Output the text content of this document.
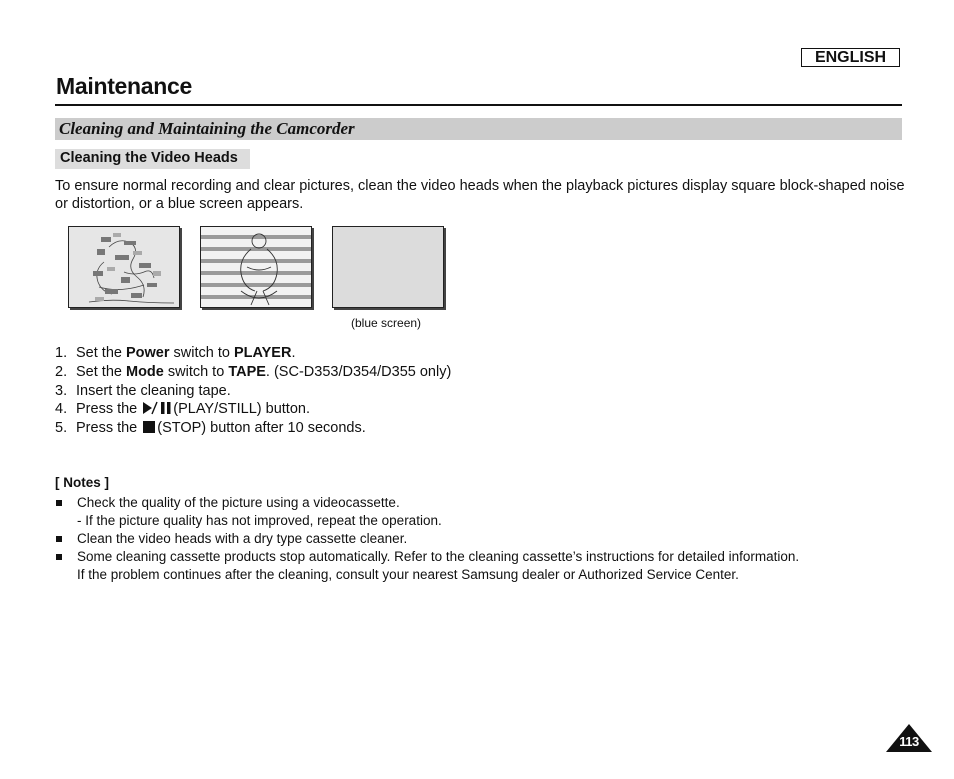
ENGLISH
Maintenance
Cleaning and Maintaining the Camcorder
Cleaning the Video Heads

To ensure normal recording and clear pictures, clean the video heads when the playback pictures display square block-shaped noise or distortion, or a blue screen appears.

(blue screen)
1. Set the Power switch to PLAYER.
2. Set the Mode switch to TAPE. (SC-D353/D354/D355 only)
3. Insert the cleaning tape.
4. Press the (PLAY/STILL) button.
5. Press the (STOP) button after 10 seconds.
[ Notes ]
Check the quality of the picture using a videocassette.
- If the picture quality has not improved, repeat the operation.
Clean the video heads with a dry type cassette cleaner.
Some cleaning cassette products stop automatically. Refer to the cleaning cassette’s instructions for detailed information.
If the problem continues after the cleaning, consult your nearest Samsung dealer or Authorized Service Center.
113
